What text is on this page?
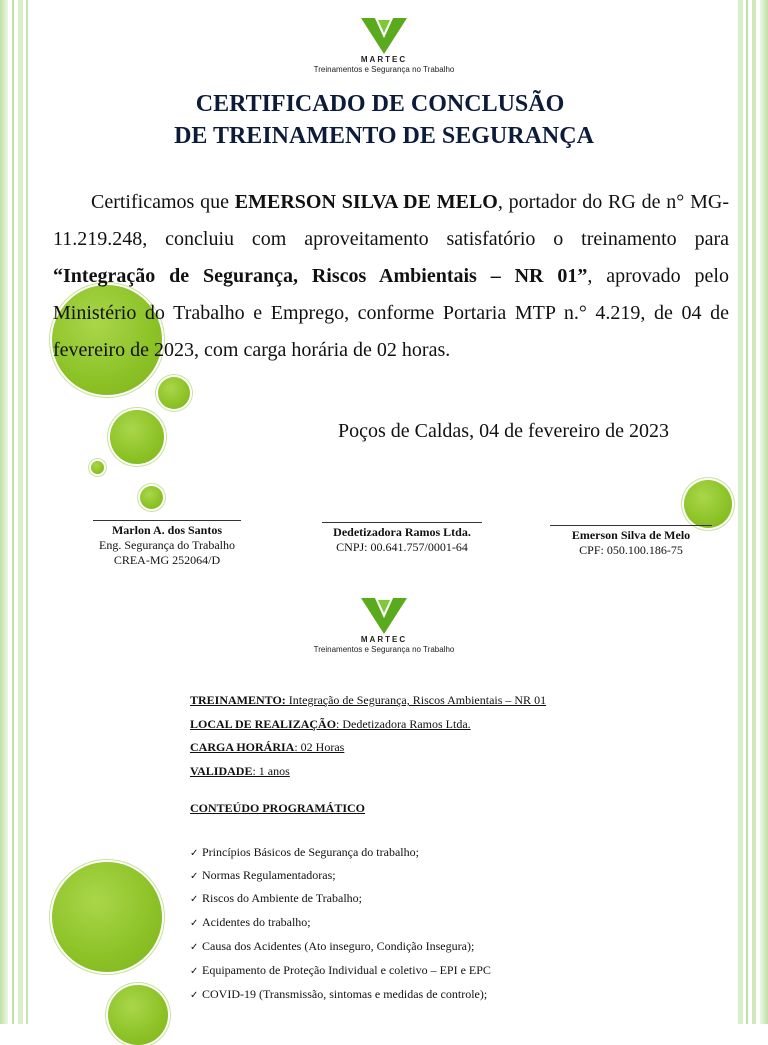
MARTEC
Treinamentos e Segurança no Trabalho
CERTIFICADO DE CONCLUSÃO
DE TREINAMENTO DE SEGURANÇA
Certificamos que EMERSON SILVA DE MELO, portador do RG de n° MG-11.219.248, concluiu com aproveitamento satisfatório o treinamento para “Integração de Segurança, Riscos Ambientais – NR 01”, aprovado pelo Ministério do Trabalho e Emprego, conforme Portaria MTP n.° 4.219, de 04 de fevereiro de 2023, com carga horária de 02 horas.
Poços de Caldas, 04 de fevereiro de 2023
Marlon A. dos Santos
Eng. Segurança do Trabalho
CREA-MG 252064/D
Dedetizadora Ramos Ltda.
CNPJ: 00.641.757/0001-64
Emerson Silva de Melo
CPF: 050.100.186-75
MARTEC
Treinamentos e Segurança no Trabalho
TREINAMENTO: Integração de Segurança, Riscos Ambientais – NR 01
LOCAL DE REALIZAÇÃO: Dedetizadora Ramos Ltda.
CARGA HORÁRIA: 02 Horas
VALIDADE: 1 anos
CONTEÚDO PROGRAMÁTICO
✓ Princípios Básicos de Segurança do trabalho;
✓ Normas Regulamentadoras;
✓ Riscos do Ambiente de Trabalho;
✓ Acidentes do trabalho;
✓ Causa dos Acidentes (Ato inseguro, Condição Insegura);
✓ Equipamento de Proteção Individual e coletivo – EPI e EPC
✓ COVID-19 (Transmissão, sintomas e medidas de controle);
